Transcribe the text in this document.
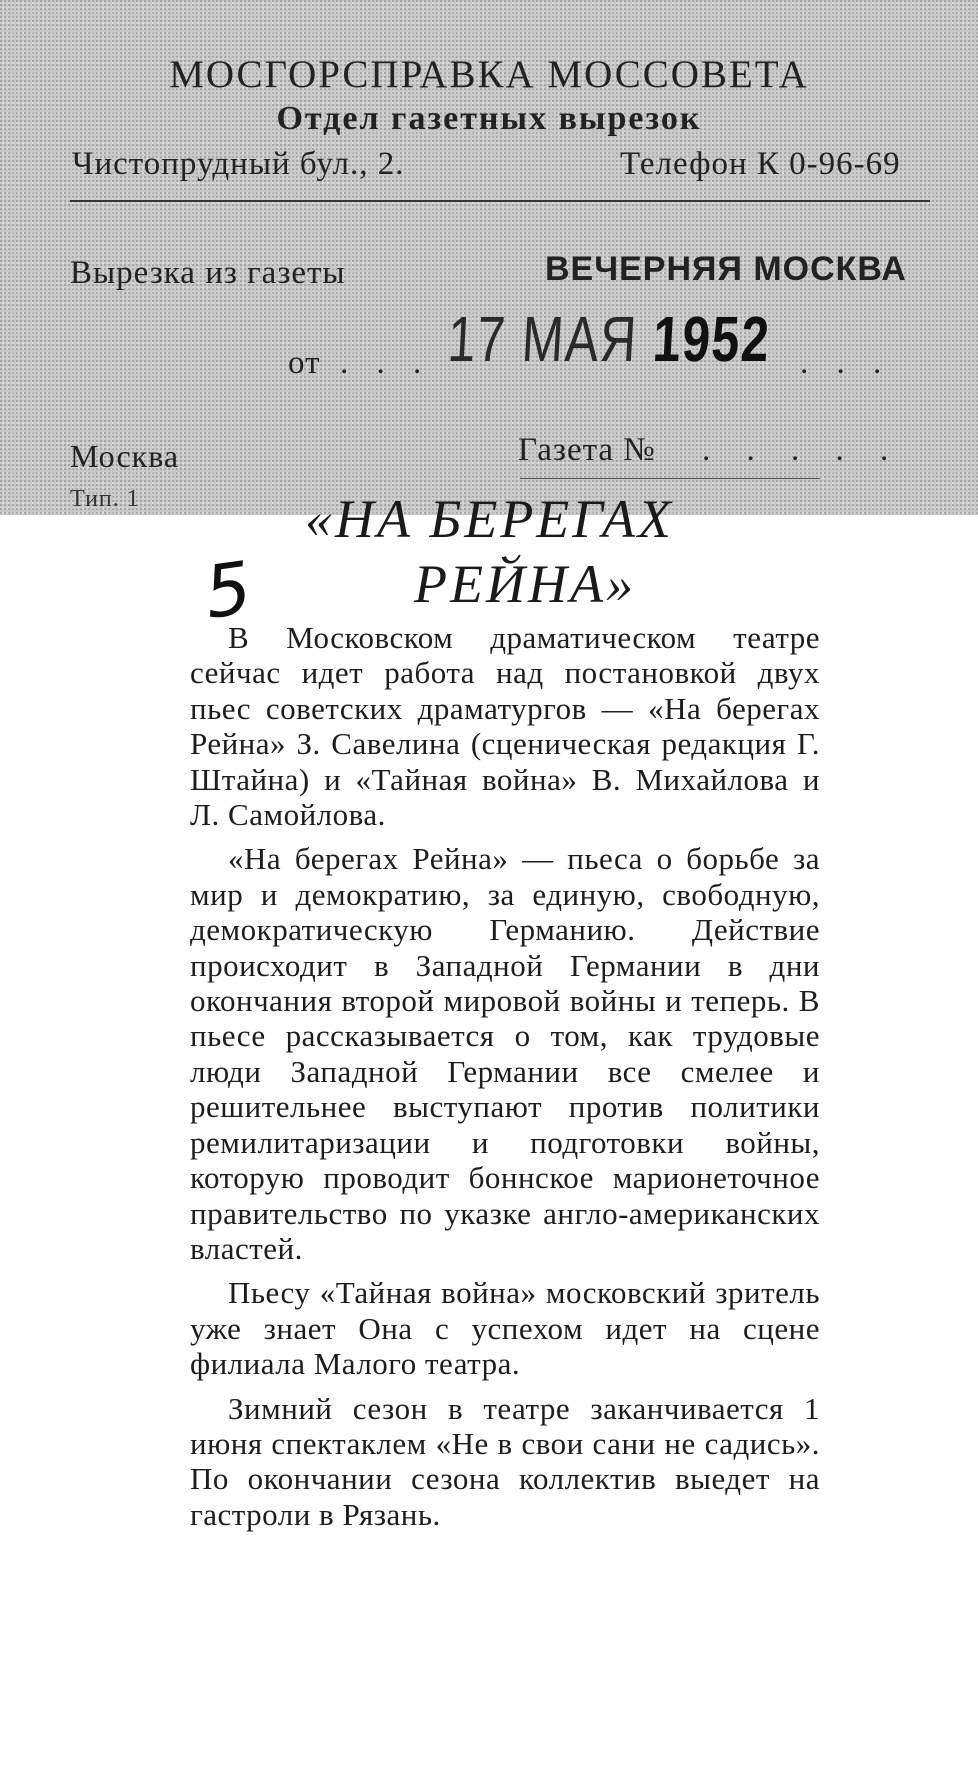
МОСГОРСПРАВКА МОССОВЕТА
Отдел газетных вырезок
Чистопрудный бул., 2.	Телефон К 0-96-69
Вырезка из газеты	ВЕЧЕРНЯЯ МОСКВА
от . . . 17 МАЯ 1952 . . .
Москва	Газета № . . . . .
Тип. 1	«НА БЕРЕГАХ
5	РЕЙНА»

В Московском драматическом театре сейчас идет работа над постановкой двух пьес советских драматургов — «На берегах Рейна» З. Савелина (сценическая редакция Г. Штайна) и «Тайная война» В. Михайлова и Л. Самойлова.

«На берегах Рейна» — пьеса о борьбе за мир и демократию, за единую, свободную, демократическую Германию. Действие происходит в Западной Германии в дни окончания второй мировой войны и теперь. В пьесе рассказывается о том, как трудовые люди Западной Германии все смелее и решительнее выступают против политики ремилитаризации и подготовки войны, которую проводит боннское марионеточное правительство по указке англо-американских властей.

Пьесу «Тайная война» московский зритель уже знает Она с успехом идет на сцене филиала Малого театра.

Зимний сезон в театре заканчивается 1 июня спектаклем «Не в свои сани не садись». По окончании сезона коллектив выедет на гастроли в Рязань.
